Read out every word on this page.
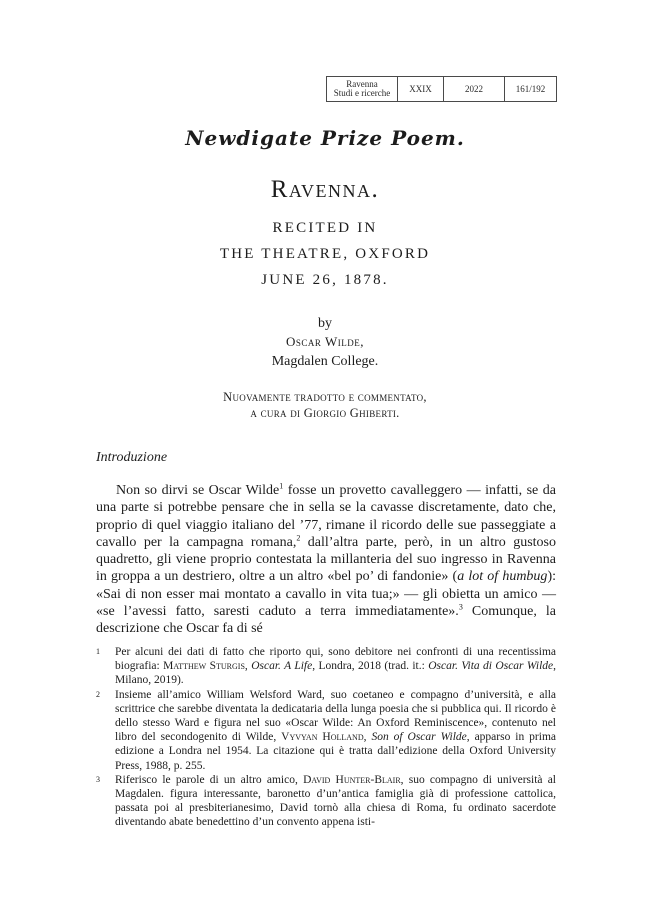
Ravenna
Studi e ricerche	XXIX	2022	161/192
Newdigate Prize Poem.
Ravenna.
RECITED IN
THE THEATRE, OXFORD
JUNE 26, 1878.
by
Oscar Wilde,
Magdalen College.
Nuovamente tradotto e commentato,
a cura di Giorgio Ghiberti.
Introduzione

Non so dirvi se Oscar Wilde$^1$ fosse un provetto cavalleggero — infatti, se da una parte si potrebbe pensare che in sella se la cavasse discretamente, dato che, proprio di quel viaggio italiano del ’77, rimane il ricordo delle sue passeggiate a cavallo per la campagna romana,$^2$ dall’altra parte, però, in un altro gustoso quadretto, gli viene proprio contestata la millanteria del suo ingresso in Ravenna in groppa a un destriero, oltre a un altro «bel po’ di fandonie» (a lot of humbug): «Sai di non esser mai montato a cavallo in vita tua;» — gli obietta un amico — «se l’avessi fatto, saresti caduto a terra immediatamente».$^3$ Comunque, la descrizione che Oscar fa di sé

1 Per alcuni dei dati di fatto che riporto qui, sono debitore nei confronti di una recentissima biografia: Matthew Sturgis, Oscar. A Life, Londra, 2018 (trad. it.: Oscar. Vita di Oscar Wilde, Milano, 2019).

2 Insieme all’amico William Welsford Ward, suo coetaneo e compagno d’università, e alla scrittrice che sarebbe diventata la dedicataria della lunga poesia che si pubblica qui. Il ricordo è dello stesso Ward e figura nel suo «Oscar Wilde: An Oxford Reminiscence», contenuto nel libro del secondogenito di Wilde, Vyvyan Holland, Son of Oscar Wilde, apparso in prima edizione a Londra nel 1954. La citazione qui è tratta dall’edizione della Oxford University Press, 1988, p. 255.

3 Riferisco le parole di un altro amico, David Hunter-Blair, suo compagno di università al Magdalen. figura interessante, baronetto d’un’antica famiglia già di professione cattolica, passata poi al presbiterianesimo, David tornò alla chiesa di Roma, fu ordinato sacerdote diventando abate benedettino d’un convento appena isti-
